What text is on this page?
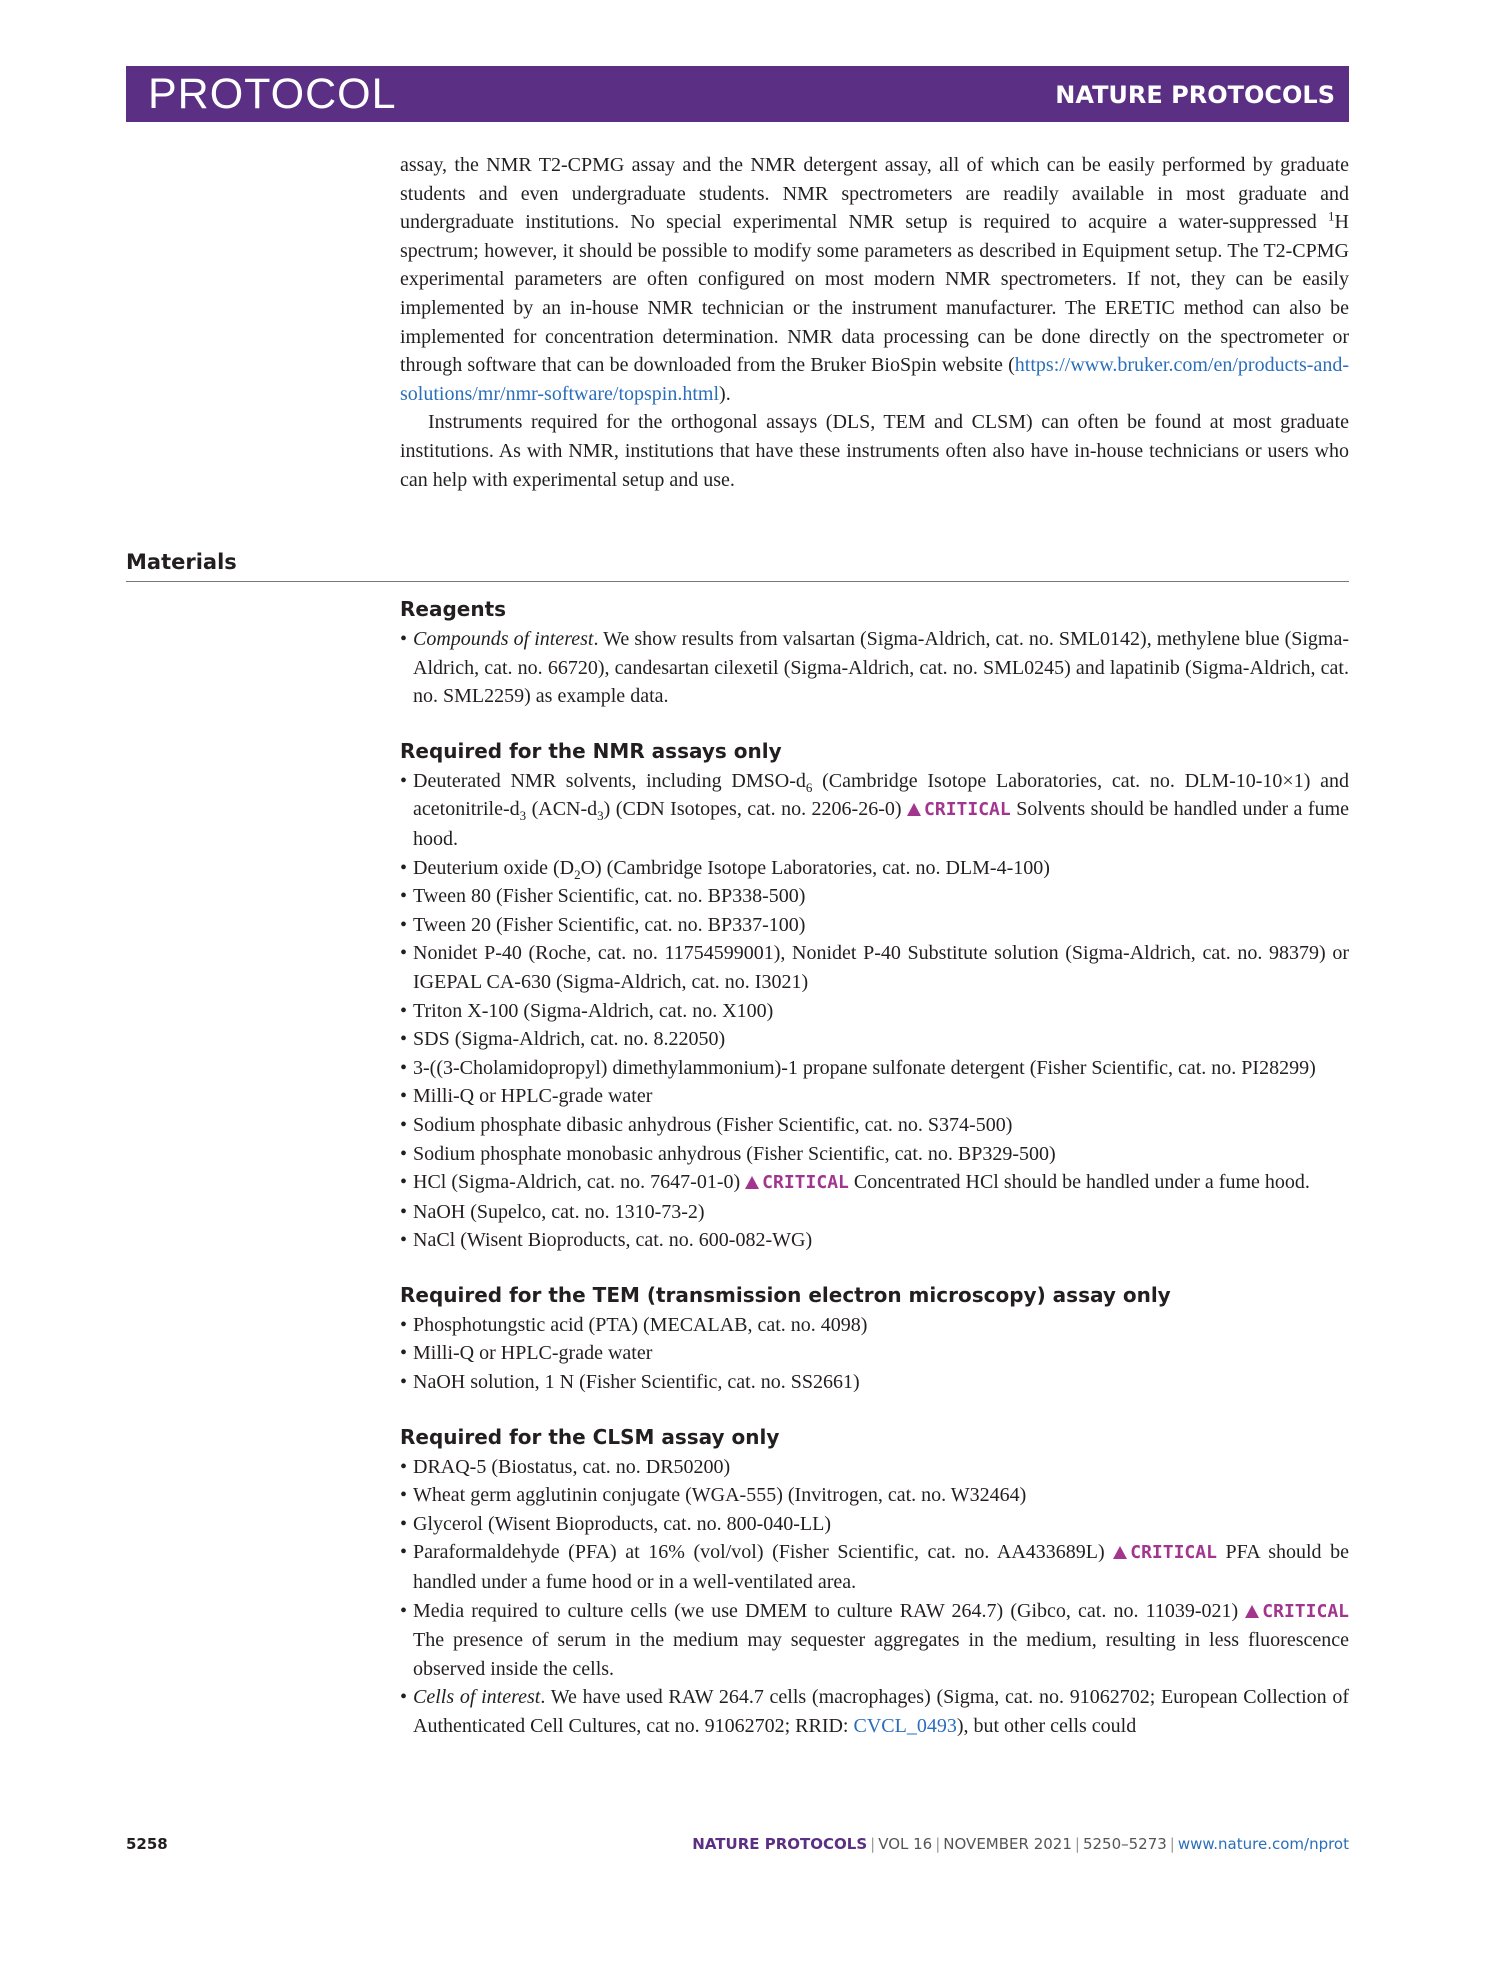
PROTOCOL	NATURE PROTOCOLS

assay, the NMR T2-CPMG assay and the NMR detergent assay, all of which can be easily performed by graduate students and even undergraduate students. NMR spectrometers are readily available in most graduate and undergraduate institutions. No special experimental NMR setup is required to acquire a water-suppressed $^1$H spectrum; however, it should be possible to modify some parameters as described in Equipment setup. The T2-CPMG experimental parameters are often configured on most modern NMR spectrometers. If not, they can be easily implemented by an in-house NMR technician or the instrument manufacturer. The ERETIC method can also be implemented for concentration determination. NMR data processing can be done directly on the spectrometer or through software that can be downloaded from the Bruker BioSpin website (https://www.bruker.com/en/products-and-solutions/mr/nmr-software/topspin.html).

Instruments required for the orthogonal assays (DLS, TEM and CLSM) can often be found at most graduate institutions. As with NMR, institutions that have these instruments often also have in-house technicians or users who can help with experimental setup and use.

Materials
Reagents
• Compounds of interest. We show results from valsartan (Sigma-Aldrich, cat. no. SML0142), methylene blue (Sigma-Aldrich, cat. no. 66720), candesartan cilexetil (Sigma-Aldrich, cat. no. SML0245) and lapatinib (Sigma-Aldrich, cat. no. SML2259) as example data.
Required for the NMR assays only
• Deuterated NMR solvents, including DMSO-$d_6$ (Cambridge Isotope Laboratories, cat. no. DLM-10-10×1) and acetonitrile-$d_3$ $(ACN-d_3)$ (CDN Isotopes, cat. no. 2206-26-0) CRITICAL Solvents should be handled under a fume hood.
• Deuterium oxide $(D_2O)$ (Cambridge Isotope Laboratories, cat. no. DLM-4-100)
• Tween 80 (Fisher Scientific, cat. no. BP338-500)
• Tween 20 (Fisher Scientific, cat. no. BP337-100)
• Nonidet P-40 (Roche, cat. no. 11754599001), Nonidet P-40 Substitute solution (Sigma-Aldrich, cat. no. 98379) or IGEPAL CA-630 (Sigma-Aldrich, cat. no. I3021)
• Triton X-100 (Sigma-Aldrich, cat. no. X100)
• SDS (Sigma-Aldrich, cat. no. 8.22050)
• 3-((3-Cholamidopropyl) dimethylammonium)-1 propane sulfonate detergent (Fisher Scientific, cat. no. PI28299)
• Milli-Q or HPLC-grade water
• Sodium phosphate dibasic anhydrous (Fisher Scientific, cat. no. S374-500)
• Sodium phosphate monobasic anhydrous (Fisher Scientific, cat. no. BP329-500)
• HCl (Sigma-Aldrich, cat. no. 7647-01-0) CRITICAL Concentrated HCl should be handled under a fume hood.
• NaOH (Supelco, cat. no. 1310-73-2)
• NaCl (Wisent Bioproducts, cat. no. 600-082-WG)
Required for the TEM (transmission electron microscopy) assay only
• Phosphotungstic acid (PTA) (MECALAB, cat. no. 4098)
• Milli-Q or HPLC-grade water
• NaOH solution, 1 N (Fisher Scientific, cat. no. SS2661)
Required for the CLSM assay only
• DRAQ-5 (Biostatus, cat. no. DR50200)
• Wheat germ agglutinin conjugate (WGA-555) (Invitrogen, cat. no. W32464)
• Glycerol (Wisent Bioproducts, cat. no. 800-040-LL)
• Paraformaldehyde (PFA) at 16% (vol/vol) (Fisher Scientific, cat. no. AA433689L) CRITICAL PFA should be handled under a fume hood or in a well-ventilated area.
• Media required to culture cells (we use DMEM to culture RAW 264.7) (Gibco, cat. no. 11039-021) CRITICAL The presence of serum in the medium may sequester aggregates in the medium, resulting in less fluorescence observed inside the cells.
• Cells of interest. We have used RAW 264.7 cells (macrophages) (Sigma, cat. no. 91062702; European Collection of Authenticated Cell Cultures, cat no. 91062702; RRID: CVCL_0493), but other cells could
5258	NATURE PROTOCOLS | VOL 16 | NOVEMBER 2021 | 5250–5273 | www.nature.com/nprot
